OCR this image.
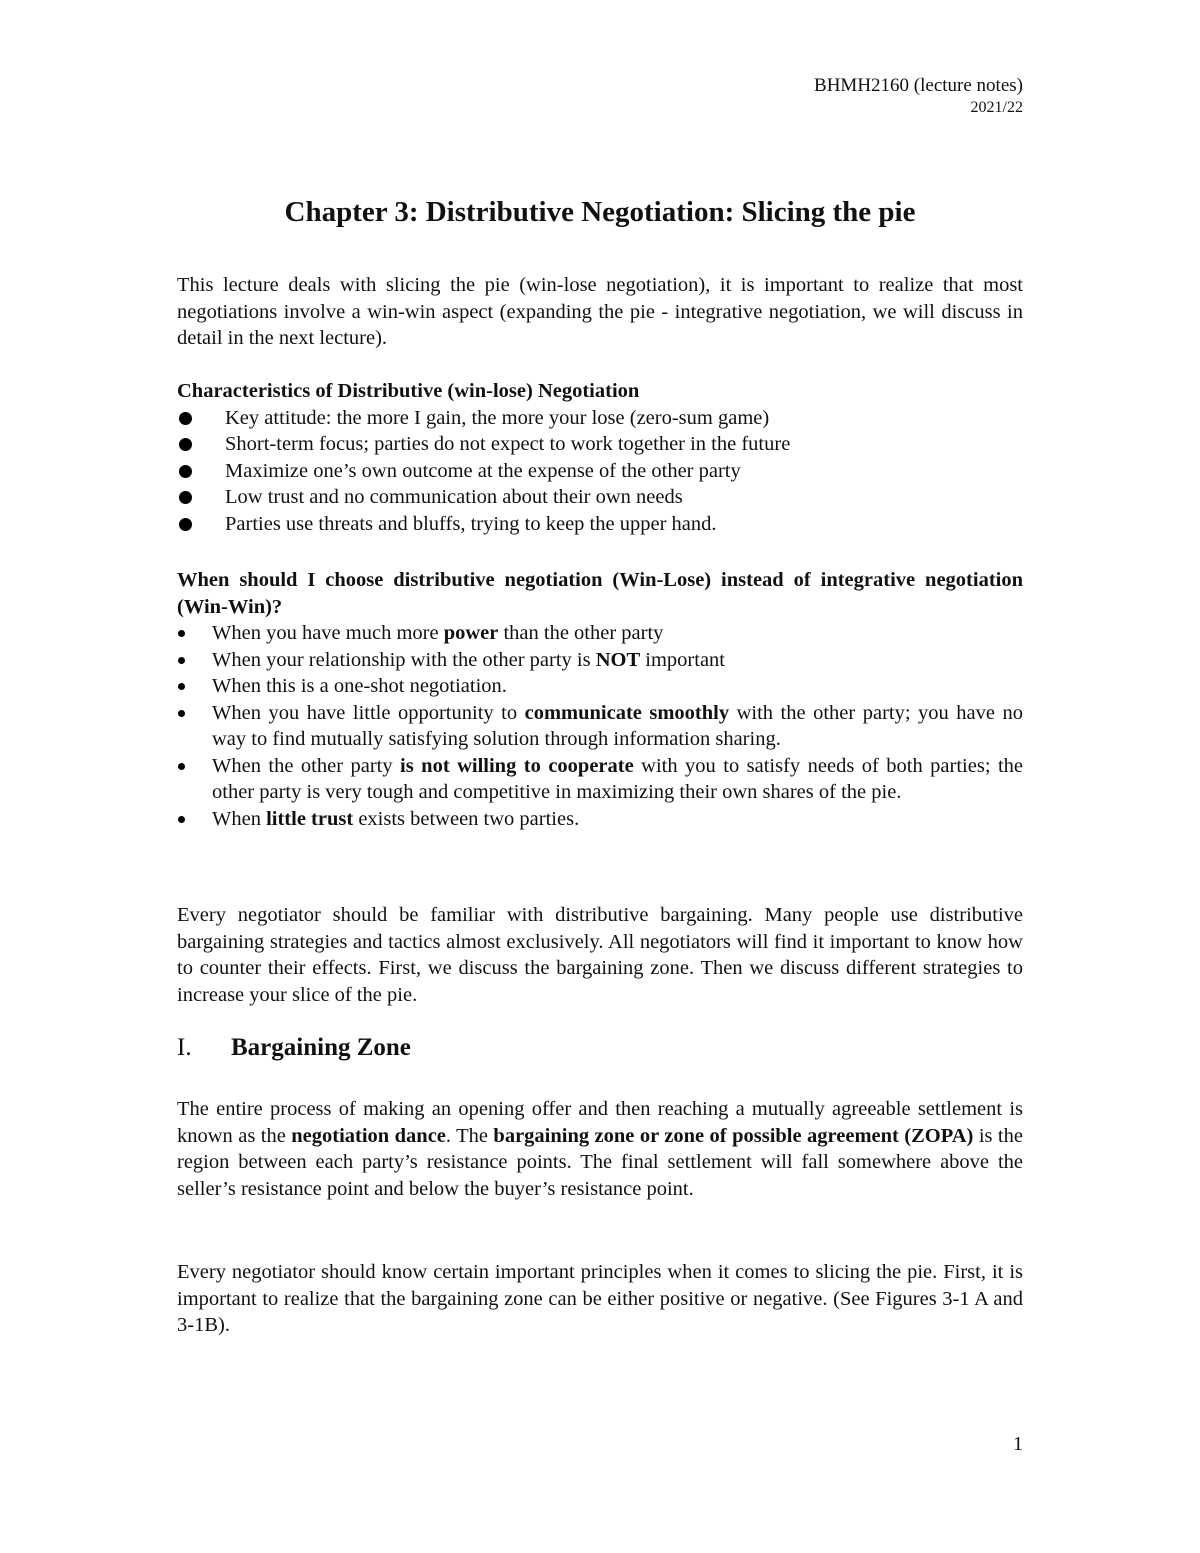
BHMH2160 (lecture notes)
2021/22
Chapter 3: Distributive Negotiation: Slicing the pie

This lecture deals with slicing the pie (win-lose negotiation), it is important to realize that most negotiations involve a win-win aspect (expanding the pie - integrative negotiation, we will discuss in detail in the next lecture).

Characteristics of Distributive (win-lose) Negotiation

Key attitude: the more I gain, the more your lose (zero-sum game)
Short-term focus; parties do not expect to work together in the future
Maximize one’s own outcome at the expense of the other party
Low trust and no communication about their own needs
Parties use threats and bluffs, trying to keep the upper hand.

When should I choose distributive negotiation (Win-Lose) instead of integrative negotiation (Win-Win)?

When you have much more power than the other party
When your relationship with the other party is NOT important
When this is a one-shot negotiation.
When you have little opportunity to communicate smoothly with the other party; you have no way to find mutually satisfying solution through information sharing.
When the other party is not willing to cooperate with you to satisfy needs of both parties; the other party is very tough and competitive in maximizing their own shares of the pie.
When little trust exists between two parties.

Every negotiator should be familiar with distributive bargaining. Many people use distributive bargaining strategies and tactics almost exclusively. All negotiators will find it important to know how to counter their effects. First, we discuss the bargaining zone. Then we discuss different strategies to increase your slice of the pie.

I.	Bargaining Zone

The entire process of making an opening offer and then reaching a mutually agreeable settlement is known as the negotiation dance. The bargaining zone or zone of possible agreement (ZOPA) is the region between each party’s resistance points. The final settlement will fall somewhere above the seller’s resistance point and below the buyer’s resistance point.

Every negotiator should know certain important principles when it comes to slicing the pie. First, it is important to realize that the bargaining zone can be either positive or negative. (See Figures 3-1 A and 3-1B).

1
